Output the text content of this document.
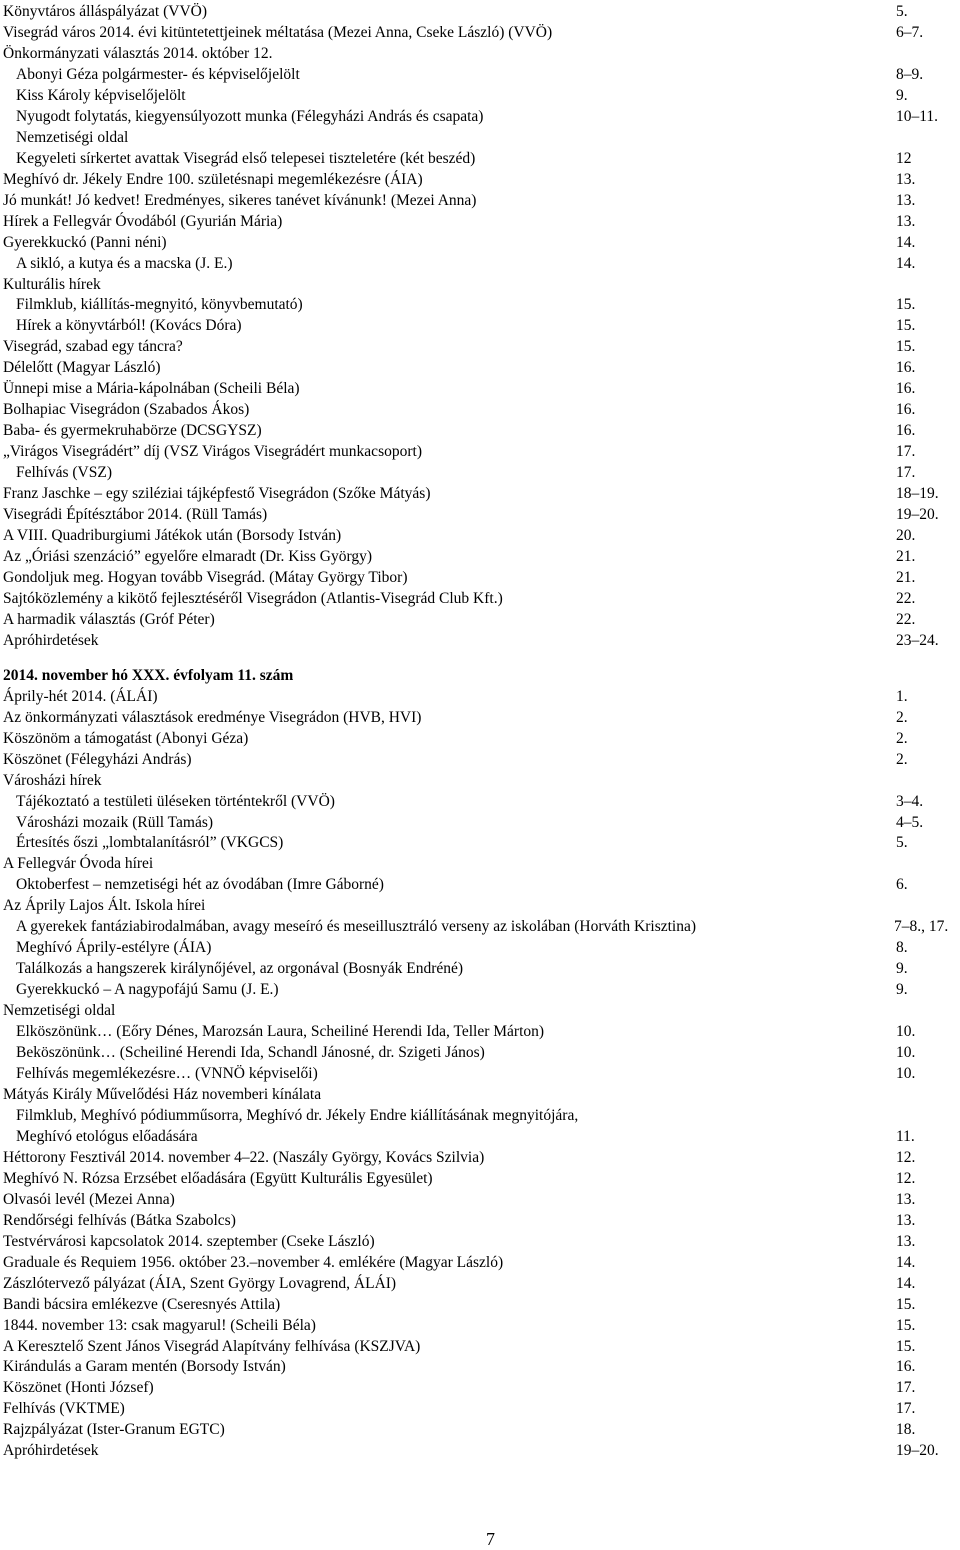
Könyvtáros álláspályázat (VVÖ)	5.
Visegrád város 2014. évi kitüntetettjeinek méltatása (Mezei Anna, Cseke László) (VVÖ)	6–7.
Önkormányzati választás 2014. október 12.
Abonyi Géza polgármester- és képviselőjelölt	8–9.
Kiss Károly képviselőjelölt	9.
Nyugodt folytatás, kiegyensúlyozott munka (Félegyházi András és csapata)	10–11.
Nemzetiségi oldal
Kegyeleti sírkertet avattak Visegrád első telepesei tiszteletére (két beszéd)	12
Meghívó dr. Jékely Endre 100. születésnapi megemlékezésre (ÁIA)	13.
Jó munkát! Jó kedvet! Eredményes, sikeres tanévet kívánunk! (Mezei Anna)	13.
Hírek a Fellegvár Óvodából (Gyurián Mária)	13.
Gyerekkuckó (Panni néni)	14.
A sikló, a kutya és a macska (J. E.)	14.
Kulturális hírek
Filmklub, kiállítás-megnyitó, könyvbemutató)	15.
Hírek a könyvtárból! (Kovács Dóra)	15.
Visegrád, szabad egy táncra?	15.
Délelőtt (Magyar László)	16.
Ünnepi mise a Mária-kápolnában (Scheili Béla)	16.
Bolhapiac Visegrádon (Szabados Ákos)	16.
Baba- és gyermekruhabörze (DCSGYSZ)	16.
„Virágos Visegrádért” díj (VSZ Virágos Visegrádért munkacsoport)	17.
Felhívás (VSZ)	17.
Franz Jaschke – egy sziléziai tájképfestő Visegrádon (Szőke Mátyás)	18–19.
Visegrádi Építésztábor 2014. (Rüll Tamás)	19–20.
A VIII. Quadriburgiumi Játékok után (Borsody István)	20.
Az „Óriási szenzáció” egyelőre elmaradt (Dr. Kiss György)	21.
Gondoljuk meg. Hogyan tovább Visegrád. (Mátay György Tibor)	21.
Sajtóközlemény a kikötő fejlesztéséről Visegrádon (Atlantis-Visegrád Club Kft.)	22.
A harmadik választás (Gróf Péter)	22.
Apróhirdetések	23–24.
2014. november hó XXX. évfolyam 11. szám
Áprily-hét 2014. (ÁLÁI)	1.
Az önkormányzati választások eredménye Visegrádon (HVB, HVI)	2.
Köszönöm a támogatást (Abonyi Géza)	2.
Köszönet (Félegyházi András)	2.
Városházi hírek
Tájékoztató a testületi üléseken történtekről (VVÖ)	3–4.
Városházi mozaik (Rüll Tamás)	4–5.
Értesítés őszi „lombtalanításról” (VKGCS)	5.
A Fellegvár Óvoda hírei
Oktoberfest – nemzetiségi hét az óvodában (Imre Gáborné)	6.
Az Áprily Lajos Ált. Iskola hírei
A gyerekek fantáziabirodalmában, avagy meseíró és meseillusztráló verseny az iskolában (Horváth Krisztina)	7–8., 17.
Meghívó Áprily-estélyre (ÁIA)	8.
Találkozás a hangszerek királynőjével, az orgonával (Bosnyák Endréné)	9.
Gyerekkuckó – A nagypofájú Samu (J. E.)	9.
Nemzetiségi oldal
Elköszönünk… (Eőry Dénes, Marozsán Laura, Scheiliné Herendi Ida, Teller Márton)	10.
Beköszönünk… (Scheiliné Herendi Ida, Schandl Jánosné, dr. Szigeti János)	10.
Felhívás megemlékezésre… (VNNÖ képviselői)	10.
Mátyás Király Művelődési Ház novemberi kínálata
Filmklub, Meghívó pódiumműsorra, Meghívó dr. Jékely Endre kiállításának megnyitójára,
Meghívó etológus előadására	11.
Héttorony Fesztivál 2014. november 4–22. (Naszály György, Kovács Szilvia)	12.
Meghívó N. Rózsa Erzsébet előadására (Együtt Kulturális Egyesület)	12.
Olvasói levél (Mezei Anna)	13.
Rendőrségi felhívás (Bátka Szabolcs)	13.
Testvérvárosi kapcsolatok 2014. szeptember (Cseke László)	13.
Graduale és Requiem 1956. október 23.–november 4. emlékére (Magyar László)	14.
Zászlótervező pályázat (ÁIA, Szent György Lovagrend, ÁLÁI)	14.
Bandi bácsira emlékezve (Cseresnyés Attila)	15.
1844. november 13: csak magyarul! (Scheili Béla)	15.
A Keresztelő Szent János Visegrád Alapítvány felhívása (KSZJVA)	15.
Kirándulás a Garam mentén (Borsody István)	16.
Köszönet (Honti József)	17.
Felhívás (VKTME)	17.
Rajzpályázat (Ister-Granum EGTC)	18.
Apróhirdetések	19–20.
7
